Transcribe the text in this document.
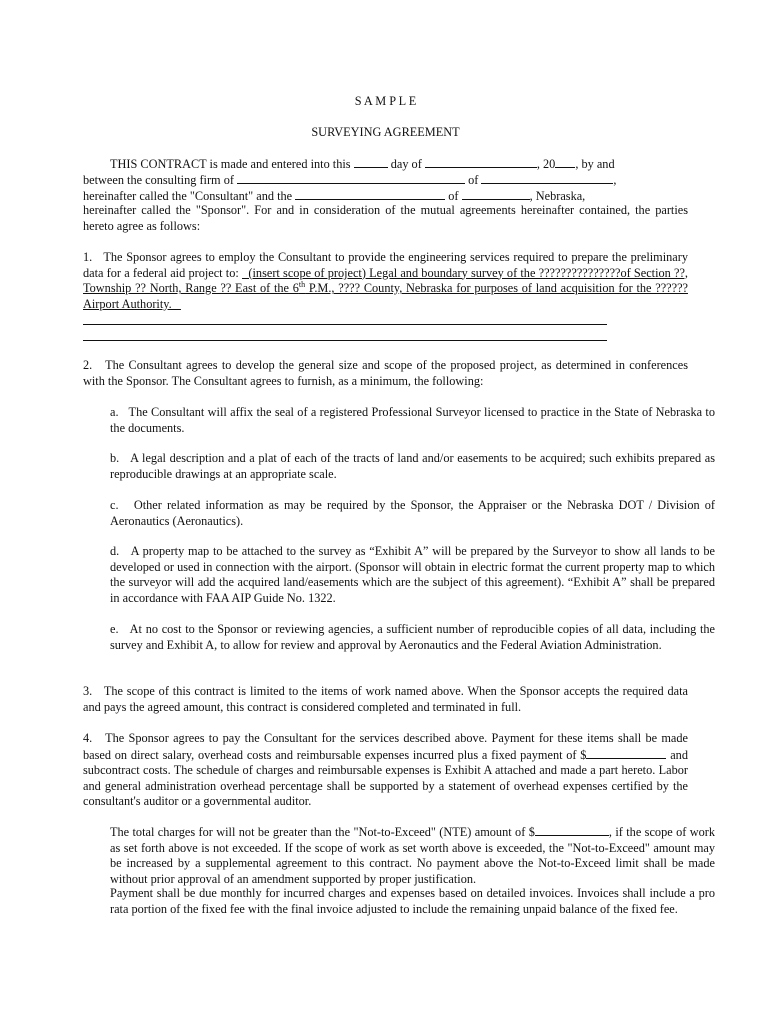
S A M P L E

SURVEYING AGREEMENT

THIS CONTRACT is made and entered into this	day of	, 20 , by and

between the consulting firm of	of	,

hereinafter called the "Consultant" and the	of	, Nebraska,

hereinafter called the "Sponsor". For and in consideration of the mutual agreements hereinafter contained, the parties hereto agree as follows:

1.   The Sponsor agrees to employ the Consultant to provide the engineering services required to prepare the preliminary data for a federal aid project to:   (insert scope of project) Legal and boundary survey of the ???????????????of Section ??, Township ?? North, Range ?? East of the 6th P.M., ???? County, Nebraska for purposes of land acquisition for the ?????? Airport Authority.

2.   The Consultant agrees to develop the general size and scope of the proposed project, as determined in conferences with the Sponsor. The Consultant agrees to furnish, as a minimum, the following:

a.   The Consultant will affix the seal of a registered Professional Surveyor licensed to practice in the State of Nebraska to the documents.

b.   A legal description and a plat of each of the tracts of land and/or easements to be acquired; such exhibits prepared as reproducible drawings at an appropriate scale.

c.   Other related information as may be required by the Sponsor, the Appraiser or the Nebraska DOT / Division of Aeronautics (Aeronautics).

d.   A property map to be attached to the survey as “Exhibit A” will be prepared by the Surveyor to show all lands to be developed or used in connection with the airport. (Sponsor will obtain in electric format the current property map to which the surveyor will add the acquired land/easements which are the subject of this agreement). “Exhibit A” shall be prepared in accordance with FAA AIP Guide No. 1322.

e.   At no cost to the Sponsor or reviewing agencies, a sufficient number of reproducible copies of all data, including the survey and Exhibit A, to allow for review and approval by Aeronautics and the Federal Aviation Administration.

3.   The scope of this contract is limited to the items of work named above. When the Sponsor accepts the required data and pays the agreed amount, this contract is considered completed and terminated in full.

4.   The Sponsor agrees to pay the Consultant for the services described above. Payment for these items shall be made based on direct salary, overhead costs and reimbursable expenses incurred plus a fixed payment of $	and subcontract costs. The schedule of charges and reimbursable expenses is Exhibit A attached and made a part hereto. Labor and general administration overhead percentage shall be supported by a statement of overhead expenses certified by the consultant's auditor or a governmental auditor.

The total charges for will not be greater than the "Not-to-Exceed" (NTE) amount of $	, if the scope of work as set forth above is not exceeded. If the scope of work as set worth above is exceeded, the "Not-to-Exceed" amount may be increased by a supplemental agreement to this contract. No payment above the Not-to-Exceed limit shall be made without prior approval of an amendment supported by proper justification.

Payment shall be due monthly for incurred charges and expenses based on detailed invoices. Invoices shall include a pro rata portion of the fixed fee with the final invoice adjusted to include the remaining unpaid balance of the fixed fee.
